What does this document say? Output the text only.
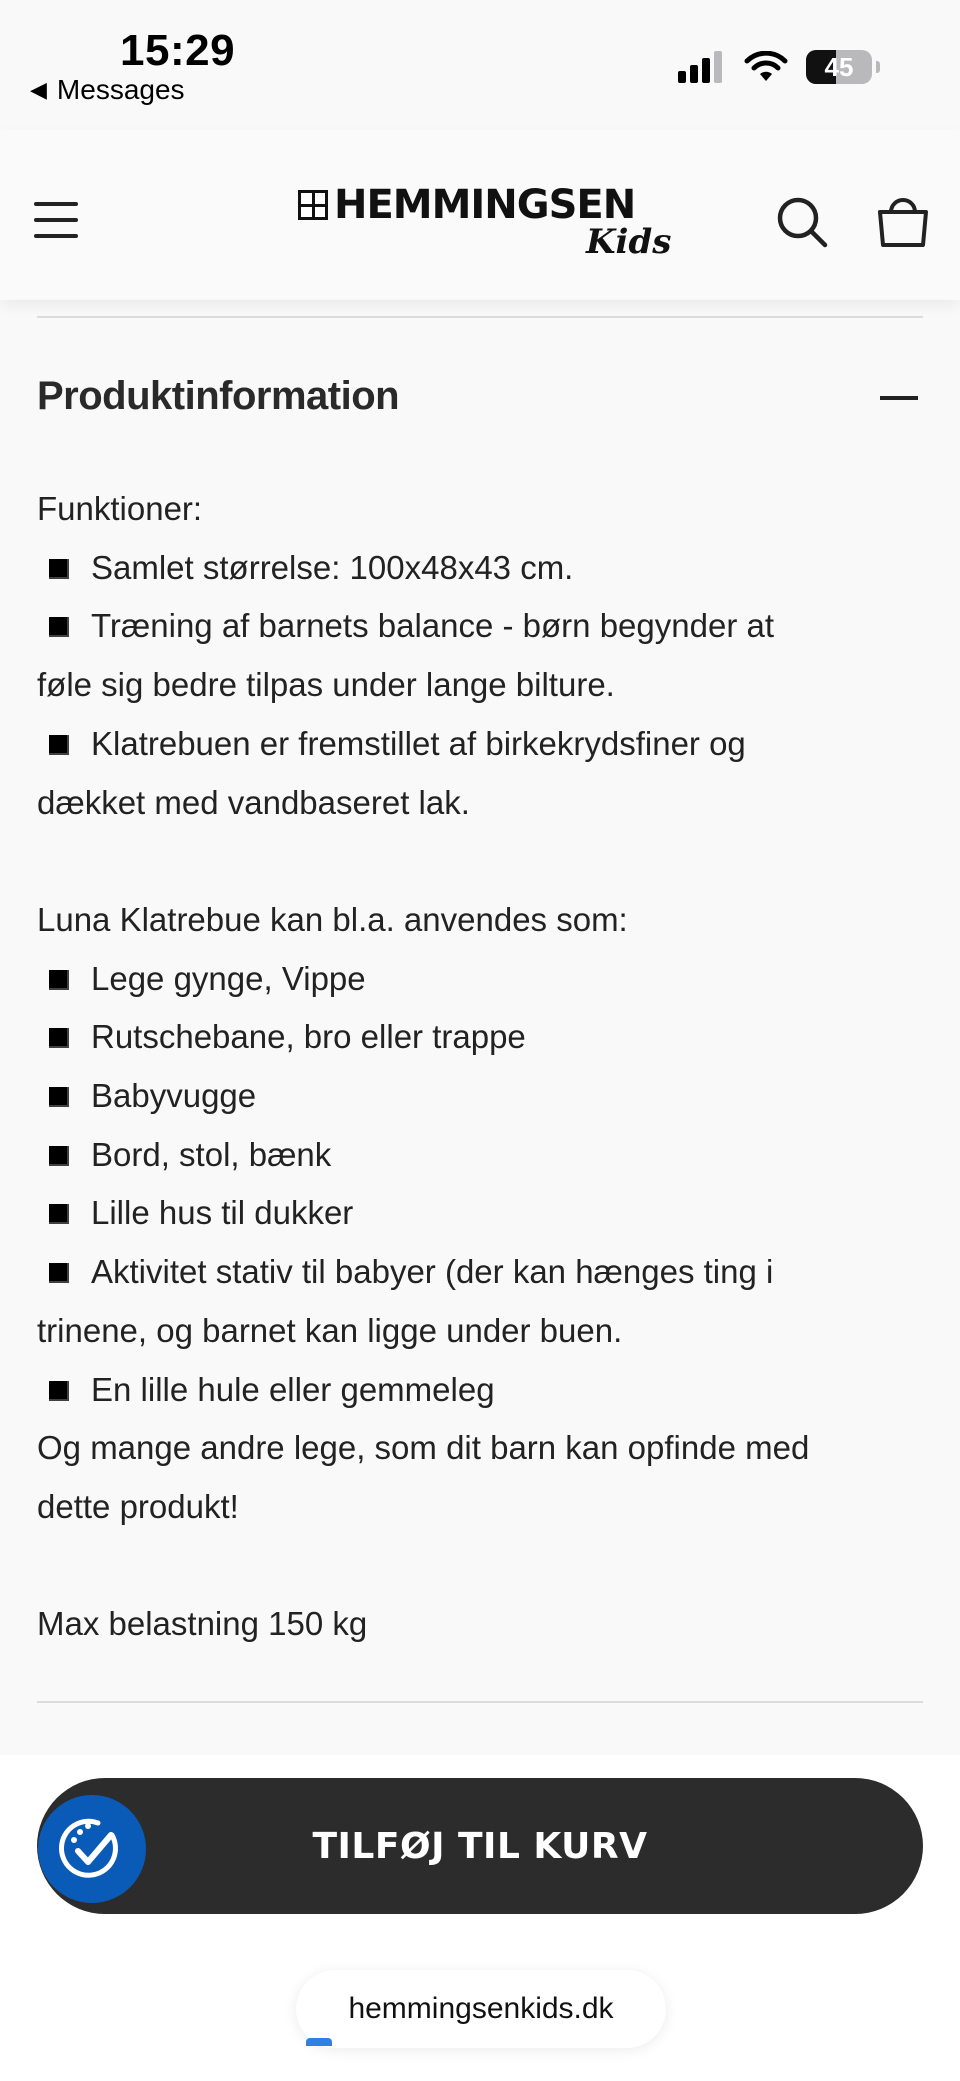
15:29
◀ Messages
45
HEMMINGSEN
Kids
Produktinformation

Funktioner:

Samlet størrelse: 100x48x43 cm.

Træning af barnets balance - børn begynder at

føle sig bedre tilpas under lange bilture.

Klatrebuen er fremstillet af birkekrydsfiner og

dækket med vandbaseret lak.

Luna Klatrebue kan bl.a. anvendes som:

Lege gynge, Vippe

Rutschebane, bro eller trappe

Babyvugge

Bord, stol, bænk

Lille hus til dukker

Aktivitet stativ til babyer (der kan hænges ting i

trinene, og barnet kan ligge under buen.

En lille hule eller gemmeleg

Og mange andre lege, som dit barn kan opfinde med

dette produkt!

Max belastning 150 kg

TILFØJ TIL KURV
hemmingsenkids.dk
